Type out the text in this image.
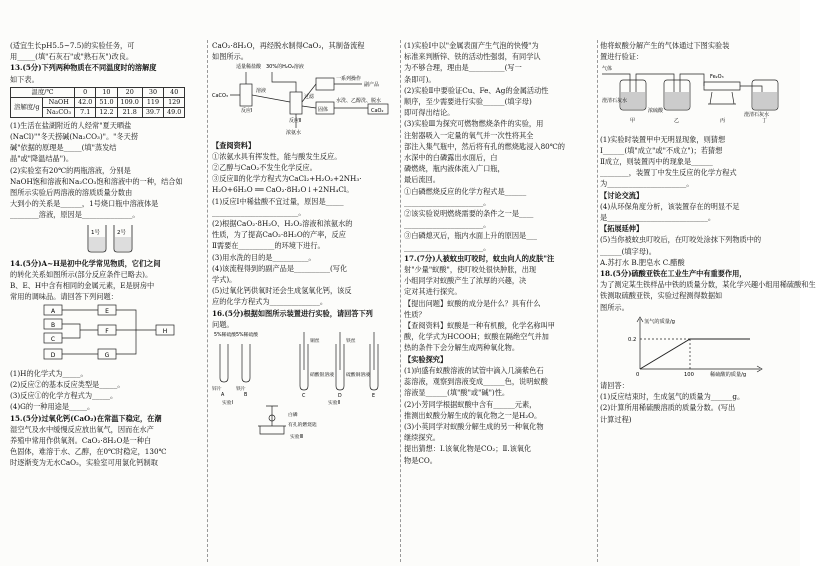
(适宜生长pH5.5~7.5)的实验任务，可
用_____(填"石灰石"或"熟石灰")改良。
13.(5分)下列两种物质在不同温度时的溶解度
如下表。
温度/℃		0	10	20	30	40
溶解度/g	NaOH	42.0	51.0	109.0	119	129
	Na₂CO₃	7.1	12.2	21.8	39.7	49.0
(1)生活在盐湖附近的人经常"夏天晒盐
(NaCl)""冬天捞碱(Na₂CO₃)"。"冬天捞
碱"依据的原理是_____(填"蒸发结
晶"或"降温结晶")。
(2)实验室有20℃的两瓶溶液，分别是
NaOH饱和溶液和Na₂CO₃饱和溶液中的一种，结合如
图所示实验后两溶液的溶质质量分数由
大到小的关系是______，1号烧口瓶中溶液体是
________溶液，原因是______________。
1号	2号
14.(5分)A~H是初中化学常见物质，它们之间
的转化关系如图所示(部分反应条件已略去)。
B、E、H中含有相同的金属元素，E是厨房中
常用的调味品。请回答下列问题：
A
B
C
D
E
F
G
H
(1)H的化学式为_____。
(2)反应②的基本反应类型是_____。
(3)反应①的化学方程式为_____。
(4)G的一种用途是_____。
15.(5分)过氧化钙(CaO₂)在常温下稳定，在潮
湿空气及水中缓慢反应放出氧气，因而在水产
养殖中常用作供氧剂。CaO₂·8H₂O是一种白
色固体，难溶于水、乙醇，在0℃时稳定，130℃
时逐渐变为无水CaO₂，实验室可用氯化钙制取
CaO₂·8H₂O，再经脱水制得CaO₂，其制备流程
如图所示。
适量稀盐酸 30%的H₂O₂溶液
CaCO₃
反应Ⅰ
溶液
反应Ⅱ
过滤
一系列操作
副产品
固体
水洗、乙醇洗、脱水
CaO₂
浓氨水
【查阅资料】
①浓氨水具有挥发性，能与酸发生反应。
②乙醇与CaO₂不发生化学反应。
③反应Ⅱ的化学方程式为CaCl₂+H₂O₂+2NH₃·
H₂O+6H₂O ══ CaO₂·8H₂O↓+2NH₄Cl。
(1)反应Ⅰ中稀盐酸不宜过量，原因是_____
________________________。
(2)根据CaO₂·8H₂O、H₂O₂溶液和浓氨水的
性质，为了提高CaO₂·8H₂O的产率，反应
Ⅱ需要在__________的环境下进行。
(3)用水洗的目的是__________。
(4)该流程得到的副产品是__________(写化
学式)。
(5)过氧化钙供氧时还会生成氢氧化钙，该反
应的化学方程式为______________。
16.(5分)根据如图所示装置进行实验，请回答下列
问题。
5%稀硫酸 5%稀硫酸
锌片	铁片
铜丝
硝酸银溶液
铁丝
硫酸铜溶液
白磷
有孔的燃烧匙
实验Ⅰ	实验Ⅱ
实验Ⅲ
A	B	C	D	E
(1)实验Ⅰ中以"金属表面产生气泡的快慢"为
标准来判断锌、铁的活动性强弱，有同学认
为不够合理，理由是__________(写一
条即可)。
(2)实验Ⅱ中要验证Cu、Fe、Ag的金属活动性
顺序，至少需要进行实验______(填字母)
即可得出结论。
(3)实验Ⅲ为探究可燃物燃烧条件的实验，用
注射器吸入一定量的氧气并一次性将其全
部注入集气瓶中，然后将有孔的燃烧匙浸入80℃的
水深中的白磷露出水面后，白
磷燃烧，瓶内液体流入广口瓶，
最后流回。
①白磷燃烧反应的化学方程式是______
______________________。
②该实验说明燃烧需要的条件之一是____
______________________。
③白磷熄灭后，瓶内水面上升的原因是___
______________________。
17.(7分)人被蚊虫叮咬时，蚊虫向人的皮肤"注
射"少量"蚁酸"，使叮咬处很快肿胀，出现
小组同学对蚁酸产生了浓厚的兴趣，决
定对其进行探究。
【提出问题】蚁酸的成分是什么？具有什么
性质？
【查阅资料】蚁酸是一种有机酸，化学名称叫甲
酸，化学式为HCOOH；蚁酸在隔绝空气并加
热的条件下会分解生成两种氧化物。
【实验探究】
(1)向盛有蚁酸溶液的试管中滴入几滴紫色石
蕊溶液，观察到溶液变成______色，说明蚁酸
溶液显______(填"酸"或"碱")性。
(2)小芳同学根据蚁酸中含有______元素，
推测出蚁酸分解生成的氧化物之一是H₂O。
(3)小英同学对蚁酸分解生成的另一种氧化物
继续探究。
提出猜想：Ⅰ.该氧化物是CO₂；Ⅱ.该氧化
物是CO。
他将蚁酸分解产生的气体通过下图实验装
置进行验证：
气体
澄清石灰水
浓硫酸
Fe₂O₃
澄清石灰水
甲	乙	丙	丁
(1)实验时装置甲中无明显现象，则猜想
Ⅰ______(填"成立"或"不成立")；若猜想
Ⅱ成立，则装置丙中的现象是______
________，装置丁中发生反应的化学方程式
为______________________。
【讨论交流】
(4)从环保角度分析，该装置存在的明显不足
是____________________________。
【拓展延伸】
(5)当你被蚊虫叮咬后，在叮咬处涂抹下列物质中的
______(填字母)。
A.苏打水 B.肥皂水 C.醋酸
18.(5分)硫酸亚铁在工业生产中有重要作用，
为了测定某生铁样品中铁的质量分数，某化学兴趣小组用稀硫酸和生
铁测取硫酸亚铁，实验过程测得数据如
图所示。
氢气的质量/g
0.2
0	100	稀硫酸的质量/g
请回答：
(1)反应结束时，生成氢气的质量为______g。
(2)计算所用稀硫酸溶质的质量分数。(写出
计算过程)
